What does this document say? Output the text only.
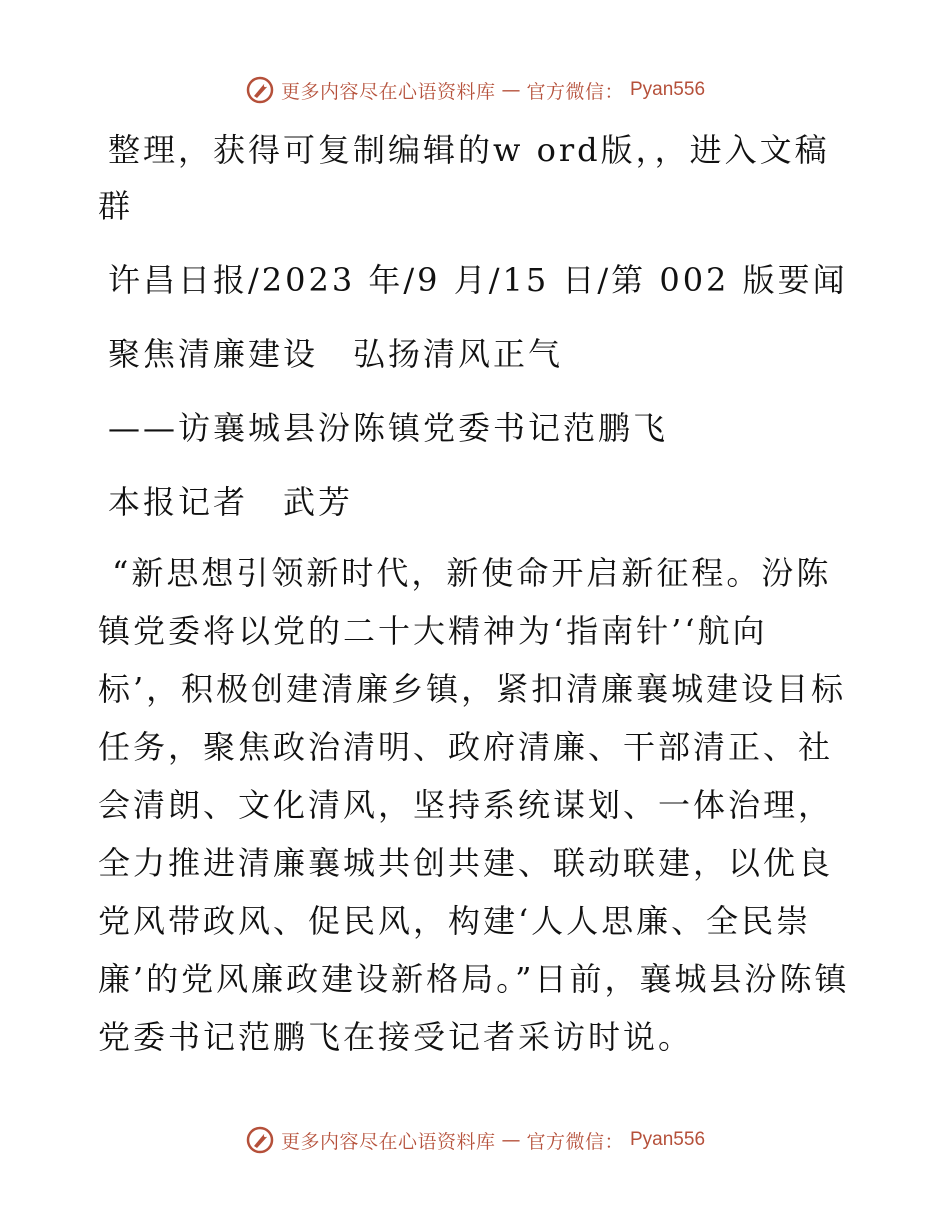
更多内容尽在心语资料库 — 官方微信： Pyan556

整理，获得可复制编辑的w ord版，，进入文稿

群

许昌日报/2023 年/9 月/15 日/第 002 版要闻

聚焦清廉建设　弘扬清风正气

——访襄城县汾陈镇党委书记范鹏飞

本报记者　武芳

“新思想引领新时代，新使命开启新征程。汾陈镇党委将以党的二十大精神为‘指南针’‘航向标’，积极创建清廉乡镇，紧扣清廉襄城建设目标任务，聚焦政治清明、政府清廉、干部清正、社会清朗、文化清风，坚持系统谋划、一体治理，全力推进清廉襄城共创共建、联动联建，以优良党风带政风、促民风，构建‘人人思廉、全民崇廉’的党风廉政建设新格局。”日前，襄城县汾陈镇党委书记范鹏飞在接受记者采访时说。

更多内容尽在心语资料库 — 官方微信： Pyan556
